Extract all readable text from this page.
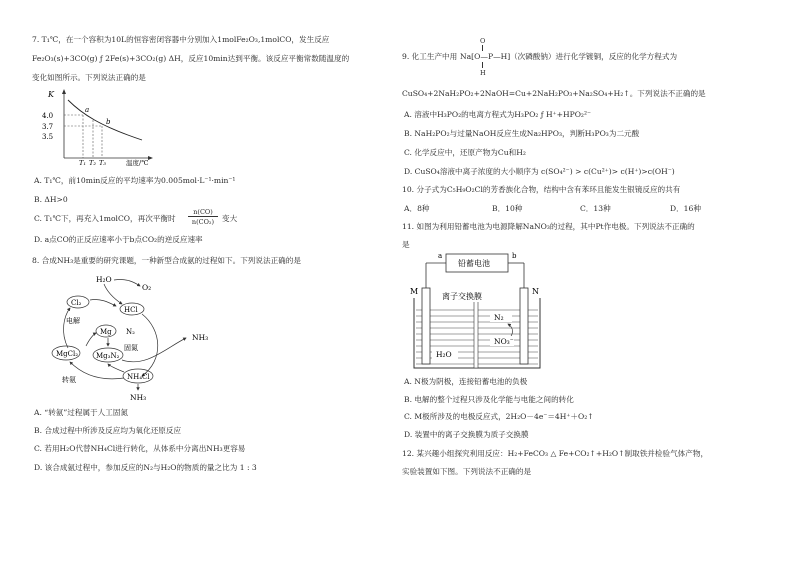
7. T₁℃，在一个容积为10L的恒容密闭容器中分别加入1molFe₂O₃,1molCO，发生反应
Fe₂O₃(s)+3CO(g) ƒ 2Fe(s)+3CO₂(g) ΔH，反应10min达到平衡。该反应平衡常数随温度的
变化如图所示。下列说法正确的是
K
4.0
3.7
3.5
a
b
T₁ T₂ T₃	温度/℃
A. T₁℃，前10min反应的平均速率为0.005mol·L⁻¹·min⁻¹
B. ΔH>0
C. T₁℃下，再充入1molCO，再次平衡时
n(CO)
n(CO₂)	变大
D. a点CO的正反应速率小于b点CO₂的逆反应速率
8. 合成NH₃是重要的研究课题，一种新型合成氨的过程如下。下列说法正确的是
H₂O
O₂
Cl₂
HCl
电解
Mg N₂
固氮
MgCl₂	Mg₃N₂
NH₃
转氨	NH₄Cl
NH₃
A. “转氨”过程属于人工固氮
B. 合成过程中所涉及反应均为氧化还原反应
C. 若用H₂O代替NH₄Cl进行转化，从体系中分离出NH₃更容易
D. 该合成氨过程中，参加反应的N₂与H₂O的物质的量之比为 1 : 3
O
9. 化工生产中用 Na[O—P—H] （次磷酸钠）进行化学镀铜，反应的化学方程式为
H
CuSO₄+2NaH₂PO₂+2NaOH=Cu+2NaH₂PO₃+Na₂SO₄+H₂↑。下列说法不正确的是
A. 溶液中H₃PO₂的电离方程式为H₃PO₂ ƒ H⁺+HPO₂²⁻
B. NaH₂PO₂与过量NaOH反应生成Na₂HPO₃，判断H₃PO₃为二元酸
C. 化学反应中，还原产物为Cu和H₂
D. CuSO₄溶液中离子浓度的大小顺序为 c(SO₄²⁻) > c(Cu²⁺)> c(H⁺)>c(OH⁻)
10. 分子式为C₅H₉O₂Cl的芳香族化合物，结构中含有苯环且能发生银镜反应的共有
A．8种	B．10种	C．13种	D．16种
11. 如图为利用铅蓄电池为电源降解NaNO₃的过程，其中Pt作电极。下列说法不正确的
是
a	b
铅蓄电池
M	N
离子交换膜
N₂
NO₃⁻
H₂O
A. N极为阴极，连接铅蓄电池的负极
B. 电解的整个过程只涉及化学能与电能之间的转化
C. M极所涉及的电极反应式，2H₂O－4e⁻＝4H⁺＋O₂↑
D. 装置中的离子交换膜为质子交换膜
12. 某兴趣小组探究利用反应：H₂+FeCO₃ △ Fe+CO₂↑+H₂O↑制取铁并检验气体产物，
实验装置如下图。下列说法不正确的是
